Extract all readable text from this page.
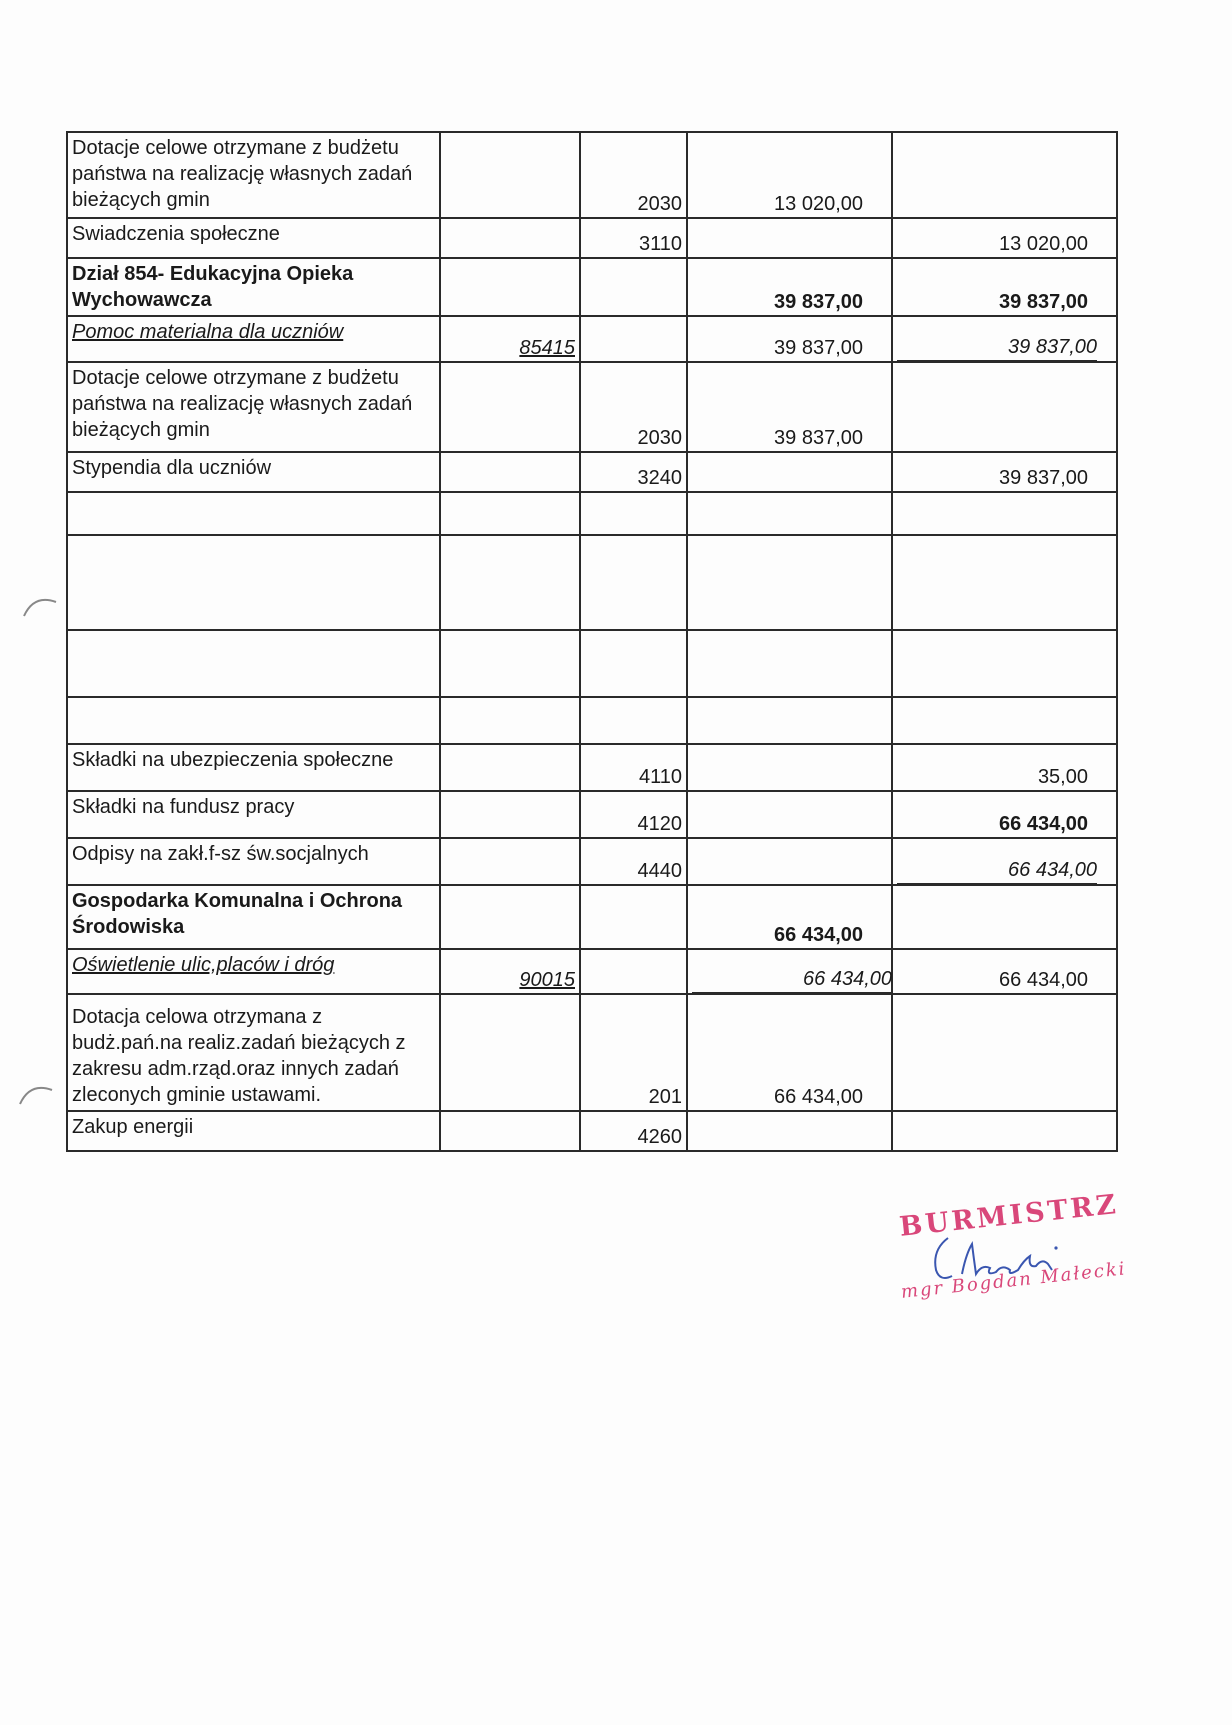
Dotacje celowe otrzymane z budżetu państwa na realizację własnych zadań bieżących gmin		2030	13 020,00	
Swiadczenia społeczne		3110		13 020,00
Dział 854- Edukacyjna Opieka Wychowawcza			39 837,00	39 837,00
Pomoc materialna dla uczniów	85415		39 837,00	39 837,00
Dotacje celowe otrzymane z budżetu państwa na realizację własnych zadań bieżących gmin		2030	39 837,00	
Stypendia dla uczniów		3240		39 837,00

Składki na ubezpieczenia społeczne		4110		35,00
Składki na fundusz pracy		4120		66 434,00
Odpisy na zakł.f-sz św.socjalnych		4440		66 434,00
Gospodarka Komunalna i Ochrona Środowiska			66 434,00	
Oświetlenie ulic,placów i dróg	90015		66 434,00	66 434,00
Dotacja celowa otrzymana z budż.pań.na realiz.zadań bieżących z zakresu adm.rząd.oraz innych zadań zleconych gminie ustawami.		201	66 434,00	
Zakup energii		4260		
BURMISTRZ
mgr Bogdan Małecki
